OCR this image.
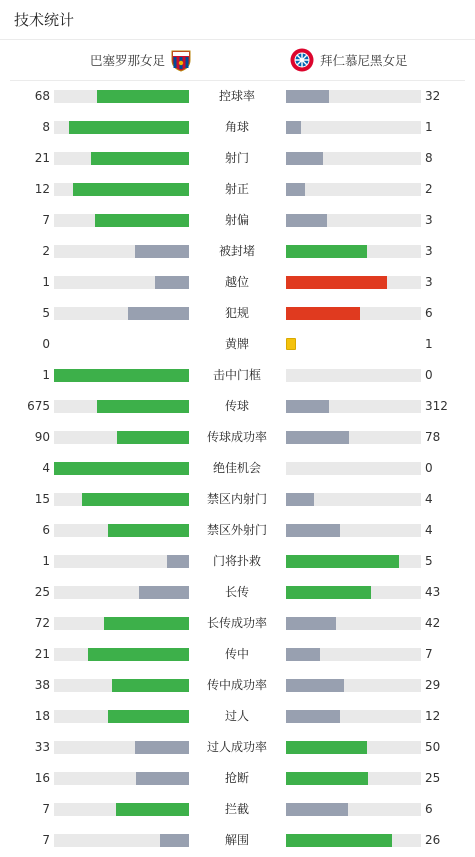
技术统计
巴塞罗那女足	拜仁慕尼黑女足
68	控球率	32
8	角球	1
21	射门	8
12	射正	2
7	射偏	3
2	被封堵	3
1	越位	3
5	犯规	6
0	黄牌	1
1	击中门框	0
675	传球	312
90	传球成功率	78
4	绝佳机会	0
15	禁区内射门	4
6	禁区外射门	4
1	门将扑救	5
25	长传	43
72	长传成功率	42
21	传中	7
38	传中成功率	29
18	过人	12
33	过人成功率	50
16	抢断	25
7	拦截	6
7	解围	26
